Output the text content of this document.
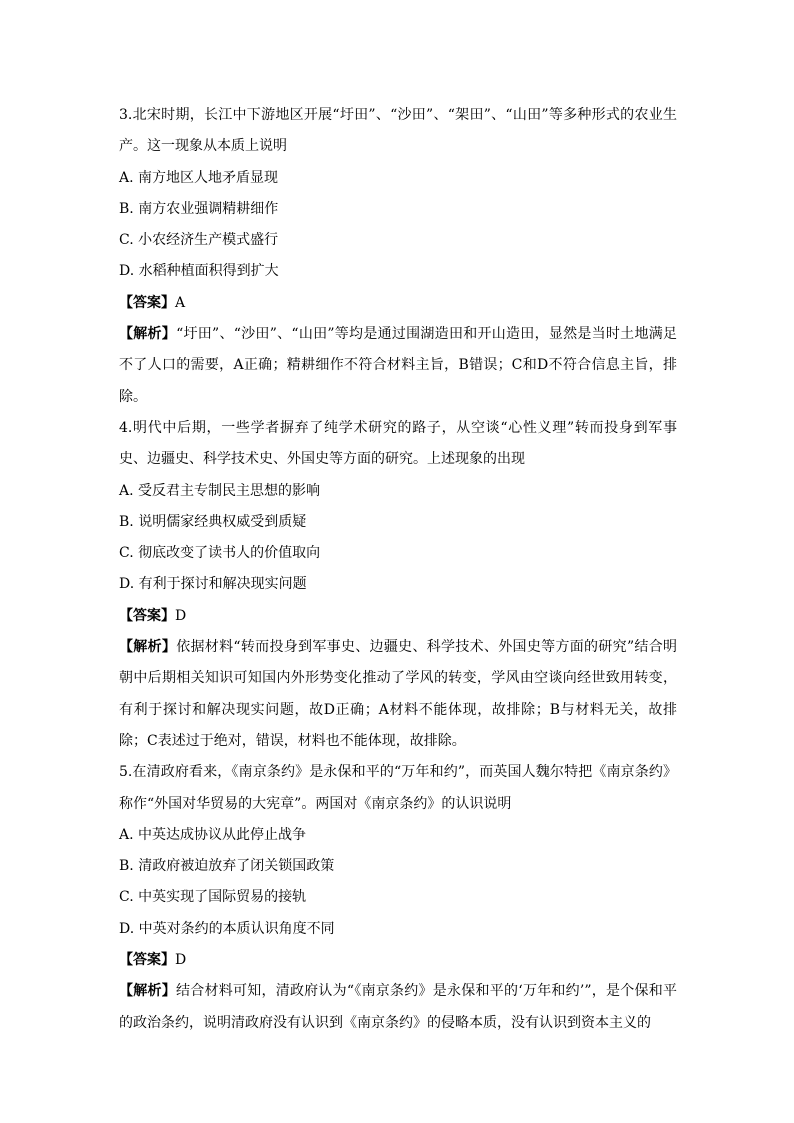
3.北宋时期，长江中下游地区开展“圩田”、“沙田”、“架田”、“山田”等多种形式的农业生产。这一现象从本质上说明

A. 南方地区人地矛盾显现

B. 南方农业强调精耕细作

C. 小农经济生产模式盛行

D. 水稻种植面积得到扩大

【答案】A

【解析】“圩田”、“沙田”、“山田”等均是通过围湖造田和开山造田，显然是当时土地满足不了人口的需要，A正确；精耕细作不符合材料主旨，B错误；C和D不符合信息主旨，排除。

4.明代中后期，一些学者摒弃了纯学术研究的路子，从空谈“心性义理”转而投身到军事史、边疆史、科学技术史、外国史等方面的研究。上述现象的出现

A. 受反君主专制民主思想的影响

B. 说明儒家经典权威受到质疑

C. 彻底改变了读书人的价值取向

D. 有利于探讨和解决现实问题

【答案】D

【解析】依据材料“转而投身到军事史、边疆史、科学技术、外国史等方面的研究”结合明朝中后期相关知识可知国内外形势变化推动了学风的转变，学风由空谈向经世致用转变，有利于探讨和解决现实问题，故D正确；A材料不能体现，故排除；B与材料无关，故排除；C表述过于绝对，错误，材料也不能体现，故排除。

5.在清政府看来，《南京条约》是永保和平的“万年和约”，而英国人魏尔特把《南京条约》称作“外国对华贸易的大宪章”。两国对《南京条约》的认识说明

A. 中英达成协议从此停止战争

B. 清政府被迫放弃了闭关锁国政策

C. 中英实现了国际贸易的接轨

D. 中英对条约的本质认识角度不同

【答案】D

【解析】结合材料可知，清政府认为“《南京条约》是永保和平的‘万年和约’”，是个保和平的政治条约，说明清政府没有认识到《南京条约》的侵略本质，没有认识到资本主义的
